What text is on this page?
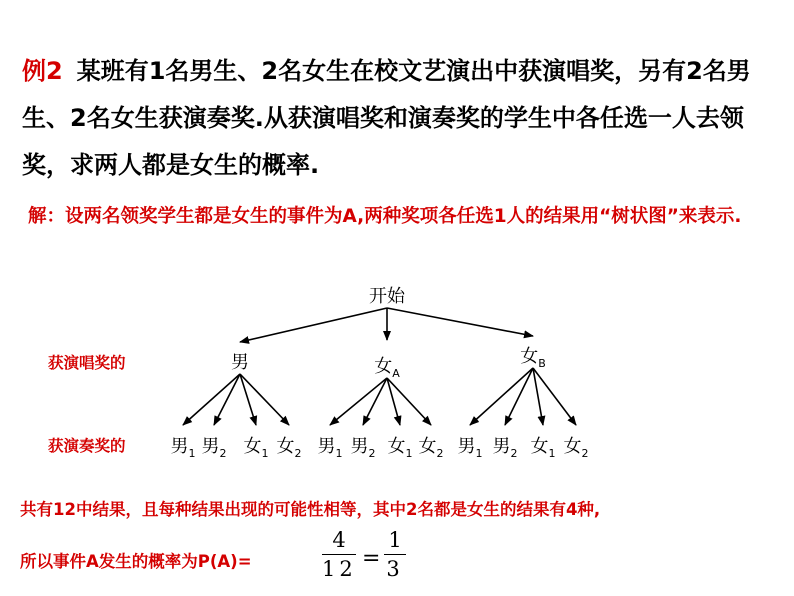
例2 某班有1名男生、2名女生在校文艺演出中获演唱奖，另有2名男生、2名女生获演奏奖.从获演唱奖和演奏奖的学生中各任选一人去领奖，求两人都是女生的概率.

解：设两名领奖学生都是女生的事件为A,两种奖项各任选1人的结果用“树状图”来表示.

开始
获演唱奖的
获演奏奖的
男	女$_A$
女$_B$
男$_1$ 男$_2$ 女$_1$ 女$_2$ 男$_1$ 男$_2$ 女$_1$ 女$_2$ 男$_1$ 男$_2$ 女$_1$ 女$_2$

共有12中结果，且每种结果出现的可能性相等，其中2名都是女生的结果有4种,

所以事件A发生的概率为P(A)=

4
12 =
1
3
